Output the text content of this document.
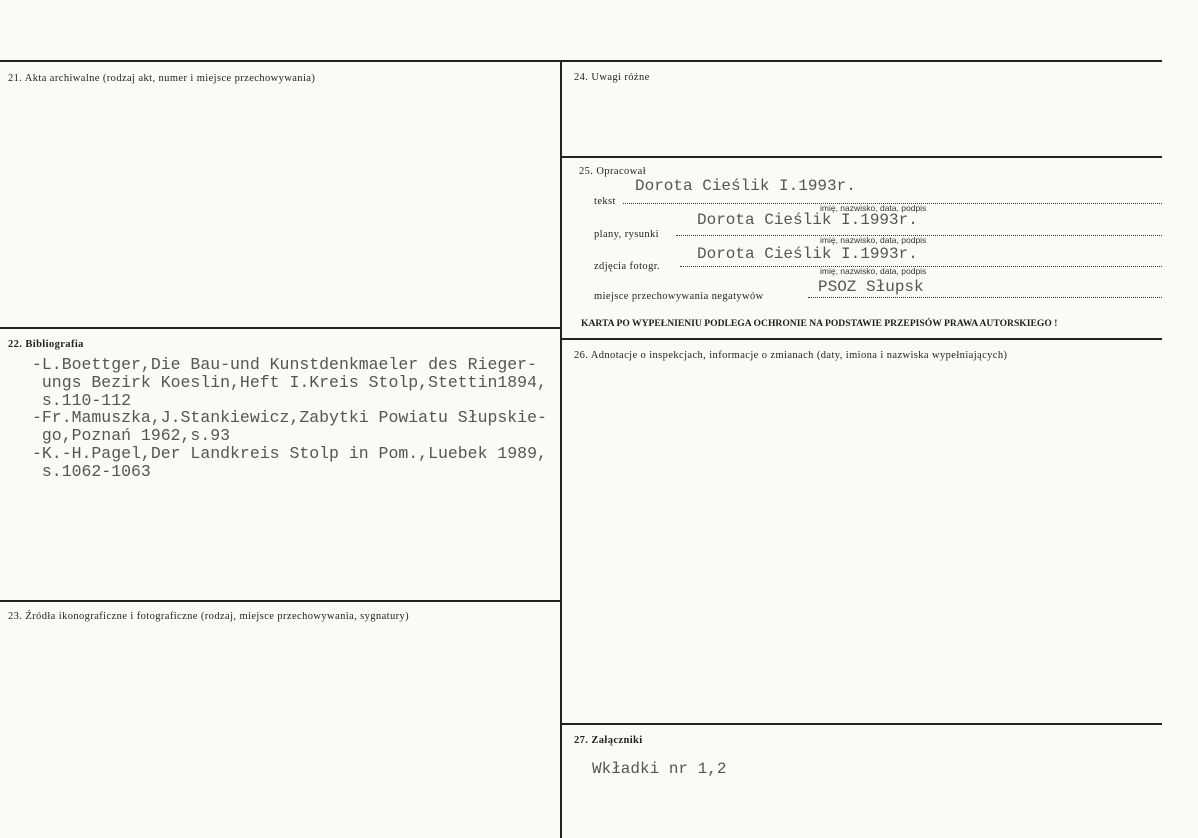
21. Akta archiwalne (rodzaj akt, numer i miejsce przechowywania)
22. Bibliografia
-L.Boettger,Die Bau-und Kunstdenkmaeler des Rieger-
ungs Bezirk Koeslin,Heft I.Kreis Stolp,Stettin1894,
s.110-112
-Fr.Mamuszka,J.Stankiewicz,Zabytki Powiatu Słupskie-
go,Poznań 1962,s.93
-K.-H.Pagel,Der Landkreis Stolp in Pom.,Luebek 1989,
s.1062-1063
23. Źródła ikonograficzne i fotograficzne (rodzaj, miejsce przechowywania, sygnatury)
24. Uwagi różne
25. Opracował
Dorota Cieślik I.1993r.
tekst
imię, nazwisko, data, podpis
Dorota Cieślik I.1993r.
plany, rysunki	imię, nazwisko, data, podpis
Dorota Cieślik I.1993r.
zdjęcia fotogr.	imię, nazwisko, data, podpis
PSOZ Słupsk
miejsce przechowywania negatywów
KARTA PO WYPEŁNIENIU PODLEGA OCHRONIE NA PODSTAWIE PRZEPISÓW PRAWA AUTORSKIEGO !
26. Adnotacje o inspekcjach, informacje o zmianach (daty, imiona i nazwiska wypełniających)
27. Załączniki
Wkładki nr 1,2
